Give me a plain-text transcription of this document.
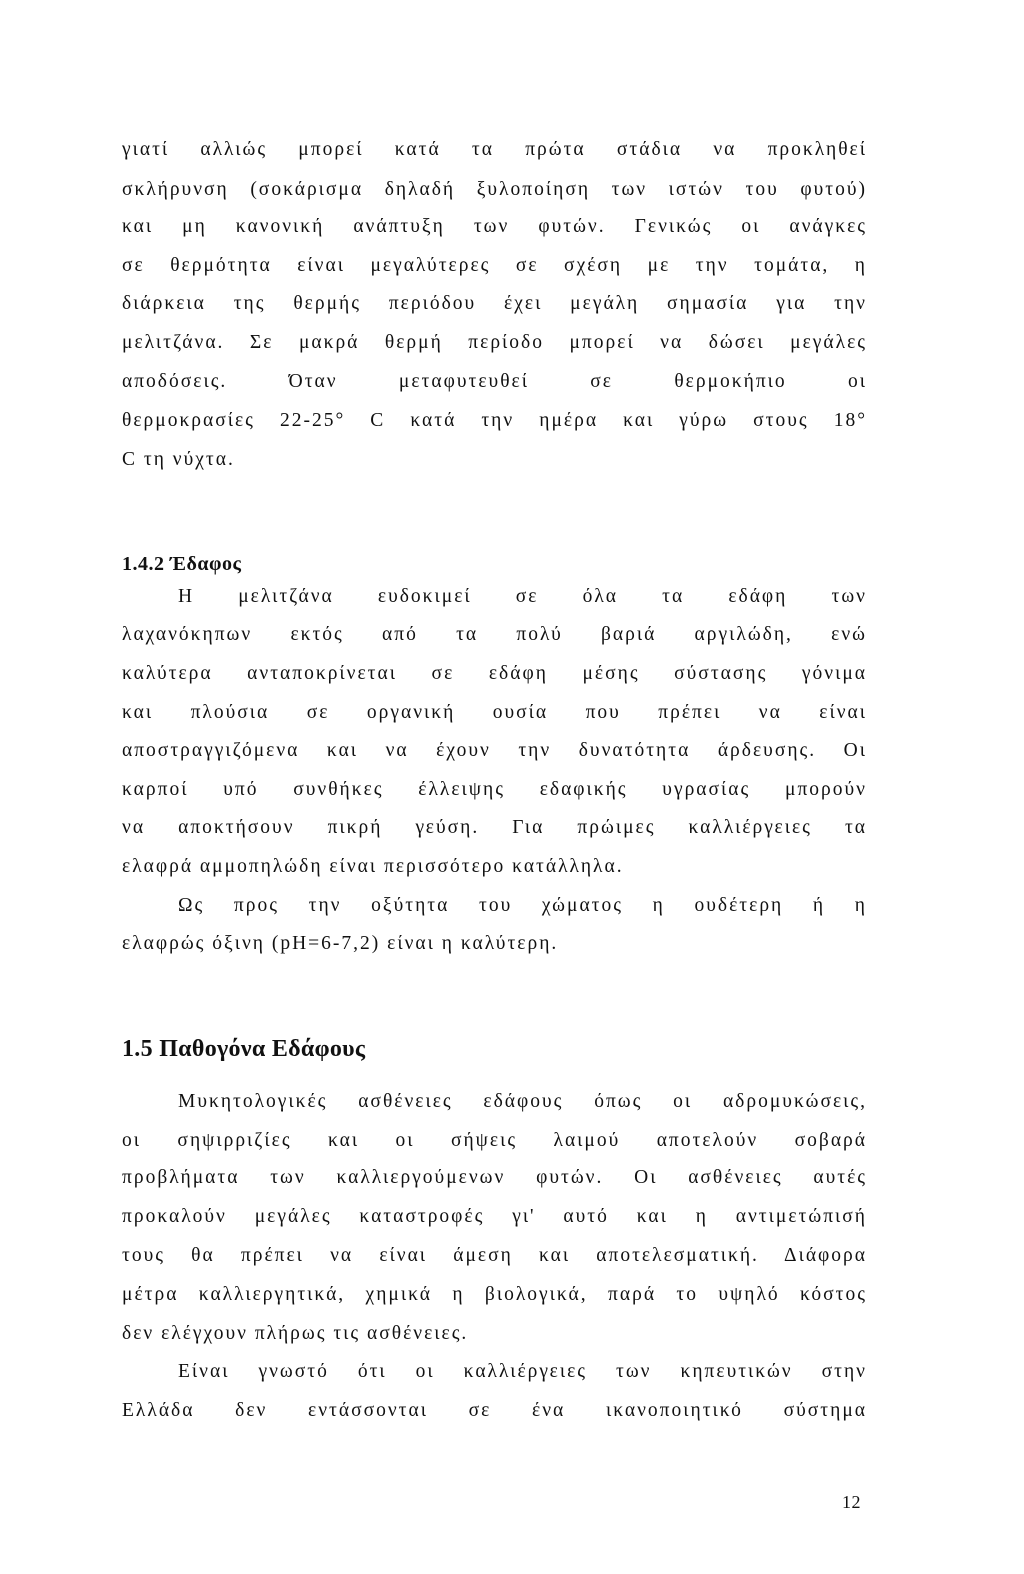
γιατί αλλιώς μπορεί κατά τα πρώτα στάδια να προκληθεί
σκλήρυνση (σοκάρισμα δηλαδή ξυλοποίηση των ιστών του φυτού)
και μη κανονική ανάπτυξη των φυτών. Γενικώς οι ανάγκες
σε θερμότητα είναι μεγαλύτερες σε σχέση με την τομάτα, η
διάρκεια της θερμής περιόδου έχει μεγάλη σημασία για την
μελιτζάνα. Σε μακρά θερμή περίοδο μπορεί να δώσει μεγάλες
αποδόσεις. Όταν μεταφυτευθεί σε θερμοκήπιο οι
θερμοκρασίες 22-25° C κατά την ημέρα και γύρω στους 18°
C τη νύχτα.
1.4.2 Έδαφος
Η μελιτζάνα ευδοκιμεί σε όλα τα εδάφη των
λαχανόκηπων εκτός από τα πολύ βαριά αργιλώδη, ενώ
καλύτερα ανταποκρίνεται σε εδάφη μέσης σύστασης γόνιμα
και πλούσια σε οργανική ουσία που πρέπει να είναι
αποστραγγιζόμενα και να έχουν την δυνατότητα άρδευσης. Οι
καρποί υπό συνθήκες έλλειψης εδαφικής υγρασίας μπορούν
να αποκτήσουν πικρή γεύση. Για πρώιμες καλλιέργειες τα
ελαφρά αμμοπηλώδη είναι περισσότερο κατάλληλα.
Ως προς την οξύτητα του χώματος η ουδέτερη ή η
ελαφρώς όξινη (pH=6-7,2) είναι η καλύτερη.
1.5 Παθογόνα Εδάφους
Μυκητολογικές ασθένειες εδάφους όπως οι αδρομυκώσεις,
οι σηψιρριζίες και οι σήψεις λαιμού αποτελούν σοβαρά
προβλήματα των καλλιεργούμενων φυτών. Οι ασθένειες αυτές
προκαλούν μεγάλες καταστροφές γι' αυτό και η αντιμετώπισή
τους θα πρέπει να είναι άμεση και αποτελεσματική. Διάφορα
μέτρα καλλιεργητικά, χημικά η βιολογικά, παρά το υψηλό κόστος
δεν ελέγχουν πλήρως τις ασθένειες.
Είναι γνωστό ότι οι καλλιέργειες των κηπευτικών στην
Ελλάδα δεν εντάσσονται σε ένα ικανοποιητικό σύστημα
12
